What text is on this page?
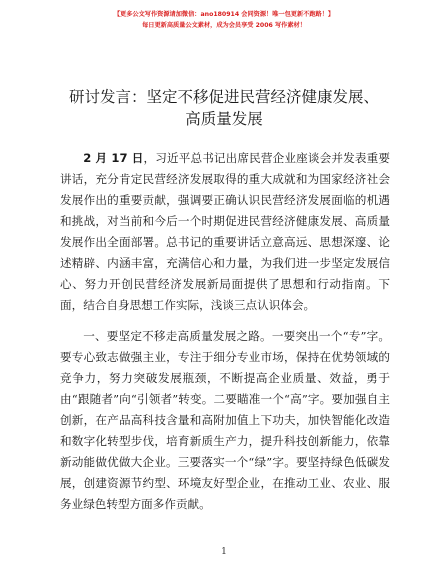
【更多公文写作资源请加微信：ano180914 会同资源！唯一包更新不跑路！】
每日更新高质量公文素材，成为会员享受 2006 写作素材！
研讨发言：坚定不移促进民营经济健康发展、
高质量发展

2 月 17 日，习近平总书记出席民营企业座谈会并发表重要讲话，充分肯定民营经济发展取得的重大成就和为国家经济社会发展作出的重要贡献，强调要正确认识民营经济发展面临的机遇和挑战，对当前和今后一个时期促进民营经济健康发展、高质量发展作出全面部署。总书记的重要讲话立意高远、思想深邃、论述精辟、内涵丰富，充满信心和力量，为我们进一步坚定发展信心、努力开创民营经济发展新局面提供了思想和行动指南。下面，结合自身思想工作实际，浅谈三点认识体会。

一、要坚定不移走高质量发展之路。一要突出一个“专”字。要专心致志做强主业，专注于细分专业市场，保持在优势领域的竞争力，努力突破发展瓶颈，不断提高企业质量、效益，勇于由“跟随者”向“引领者”转变。二要瞄准一个“高”字。要加强自主创新，在产品高科技含量和高附加值上下功夫，加快智能化改造和数字化转型步伐，培育新质生产力，提升科技创新能力，依靠新动能做优做大企业。三要落实一个“绿”字。要坚持绿色低碳发展，创建资源节约型、环境友好型企业，在推动工业、农业、服务业绿色转型方面多作贡献。

1
